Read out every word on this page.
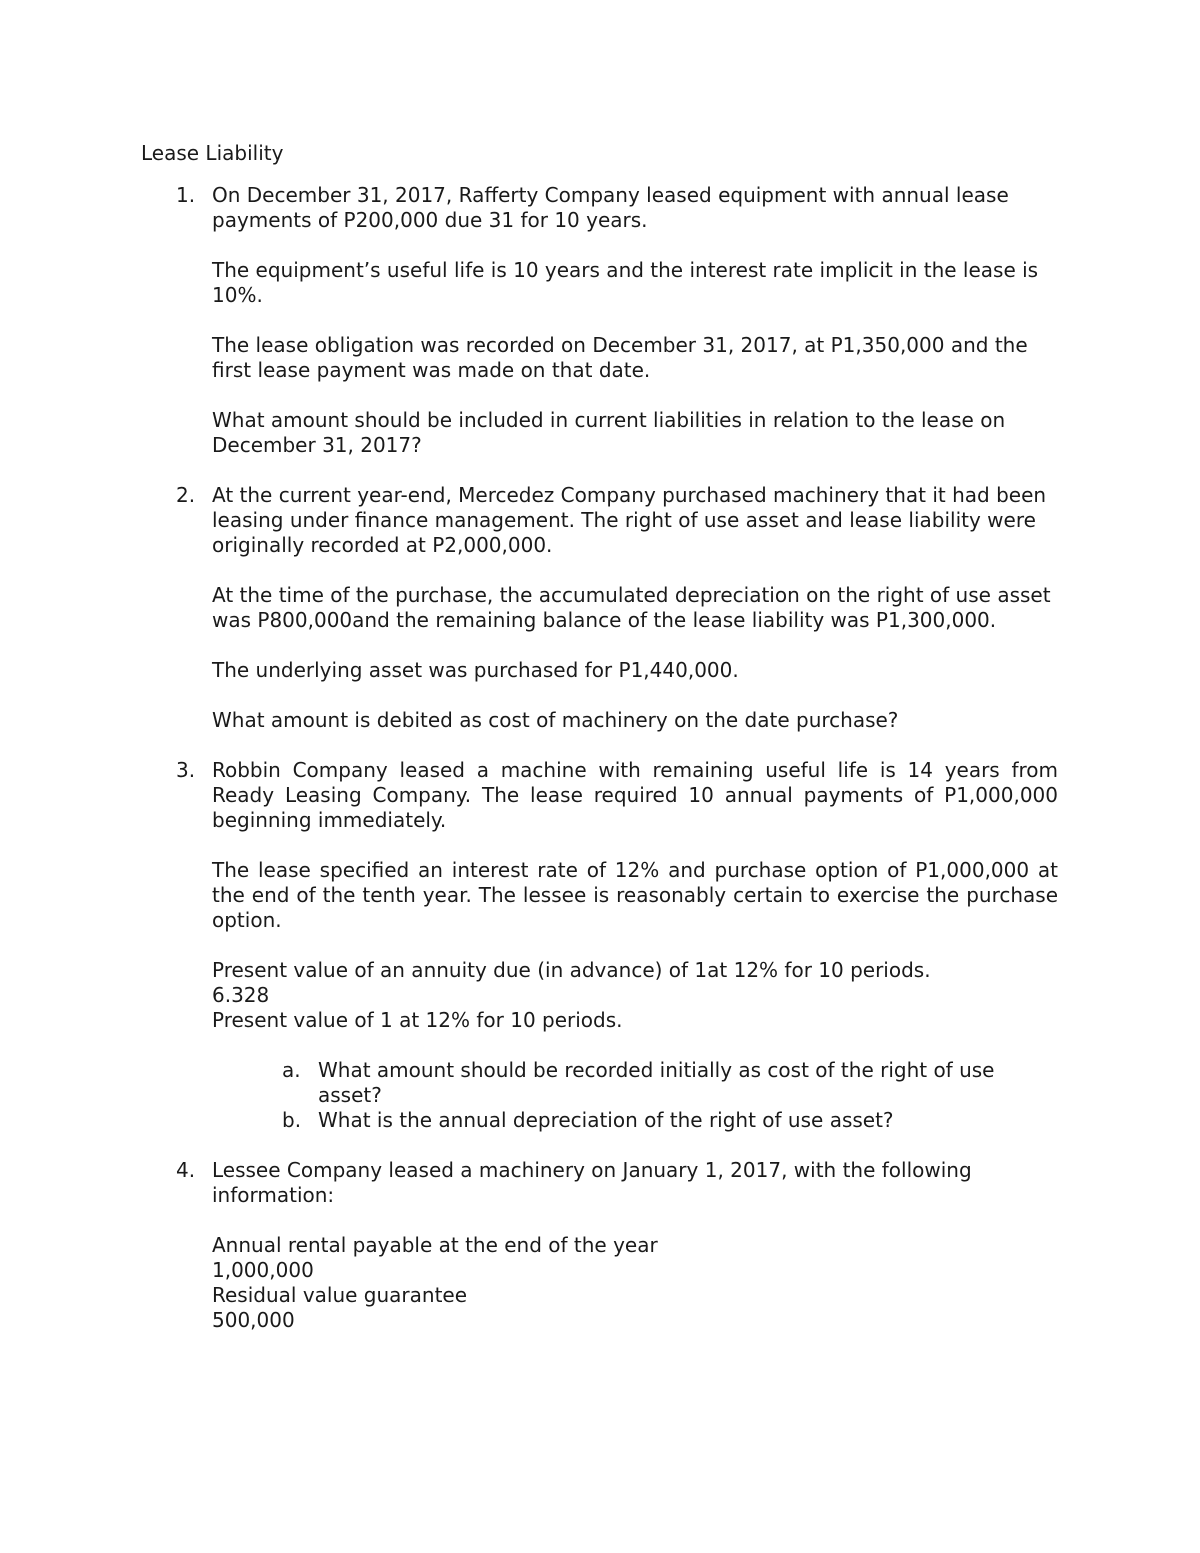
Lease Liability
1. On December 31, 2017, Rafferty Company leased equipment with annual lease payments of P200,000 due 31 for 10 years.

The equipment’s useful life is 10 years and the interest rate implicit in the lease is 10%.

The lease obligation was recorded on December 31, 2017, at P1,350,000 and the first lease payment was made on that date.

What amount should be included in current liabilities in relation to the lease on December 31, 2017?

2. At the current year-end, Mercedez Company purchased machinery that it had been leasing under finance management. The right of use asset and lease liability were originally recorded at P2,000,000.

At the time of the purchase, the accumulated depreciation on the right of use asset was P800,000and the remaining balance of the lease liability was P1,300,000.

The underlying asset was purchased for P1,440,000.

What amount is debited as cost of machinery on the date purchase?

3. Robbin Company leased a machine with remaining useful life is 14 years from Ready Leasing Company. The lease required 10 annual payments of P1,000,000 beginning immediately.

The lease specified an interest rate of 12% and purchase option of P1,000,000 at the end of the tenth year. The lessee is reasonably certain to exercise the purchase option.

Present value of an annuity due (in advance) of 1at 12% for 10 periods.
6.328
Present value of 1 at 12% for 10 periods.
a. What amount should be recorded initially as cost of the right of use asset?
b. What is the annual depreciation of the right of use asset?
4. Lessee Company leased a machinery on January 1, 2017, with the following information:

Annual rental payable at the end of the year
1,000,000
Residual value guarantee
500,000
